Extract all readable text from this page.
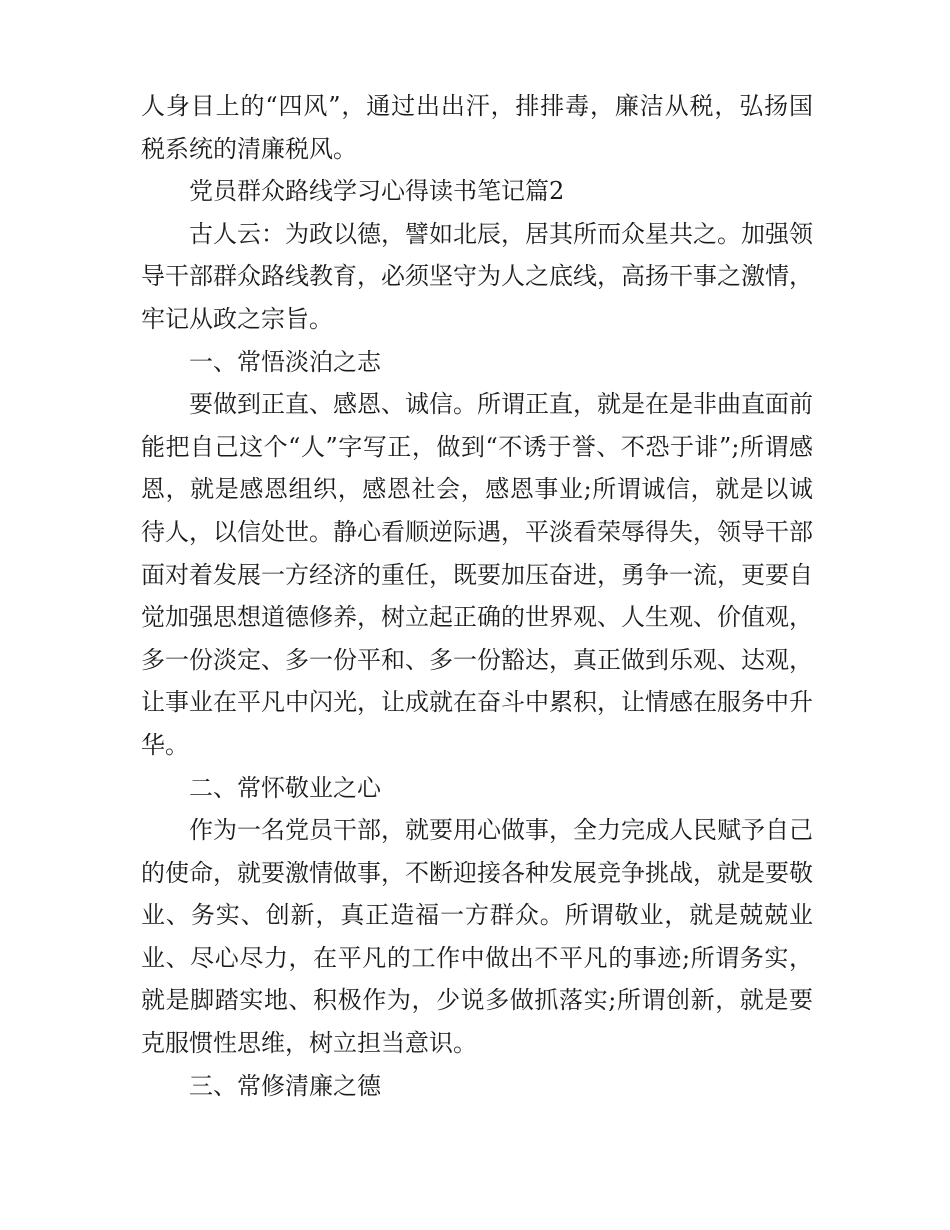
人身目上的“四风”，通过出出汗，排排毒，廉洁从税，弘扬国税系统的清廉税风。

党员群众路线学习心得读书笔记篇2

古人云：为政以德，譬如北辰，居其所而众星共之。加强领导干部群众路线教育，必须坚守为人之底线，高扬干事之激情，牢记从政之宗旨。

一、常悟淡泊之志

要做到正直、感恩、诚信。所谓正直，就是在是非曲直面前能把自己这个“人”字写正，做到“不诱于誉、不恐于诽”;所谓感恩，就是感恩组织，感恩社会，感恩事业;所谓诚信，就是以诚待人，以信处世。静心看顺逆际遇，平淡看荣辱得失，领导干部面对着发展一方经济的重任，既要加压奋进，勇争一流，更要自觉加强思想道德修养，树立起正确的世界观、人生观、价值观，多一份淡定、多一份平和、多一份豁达，真正做到乐观、达观，让事业在平凡中闪光，让成就在奋斗中累积，让情感在服务中升华。

二、常怀敬业之心

作为一名党员干部，就要用心做事，全力完成人民赋予自己的使命，就要激情做事，不断迎接各种发展竞争挑战，就是要敬业、务实、创新，真正造福一方群众。所谓敬业，就是兢兢业业、尽心尽力，在平凡的工作中做出不平凡的事迹;所谓务实，就是脚踏实地、积极作为，少说多做抓落实;所谓创新，就是要克服惯性思维，树立担当意识。

三、常修清廉之德
